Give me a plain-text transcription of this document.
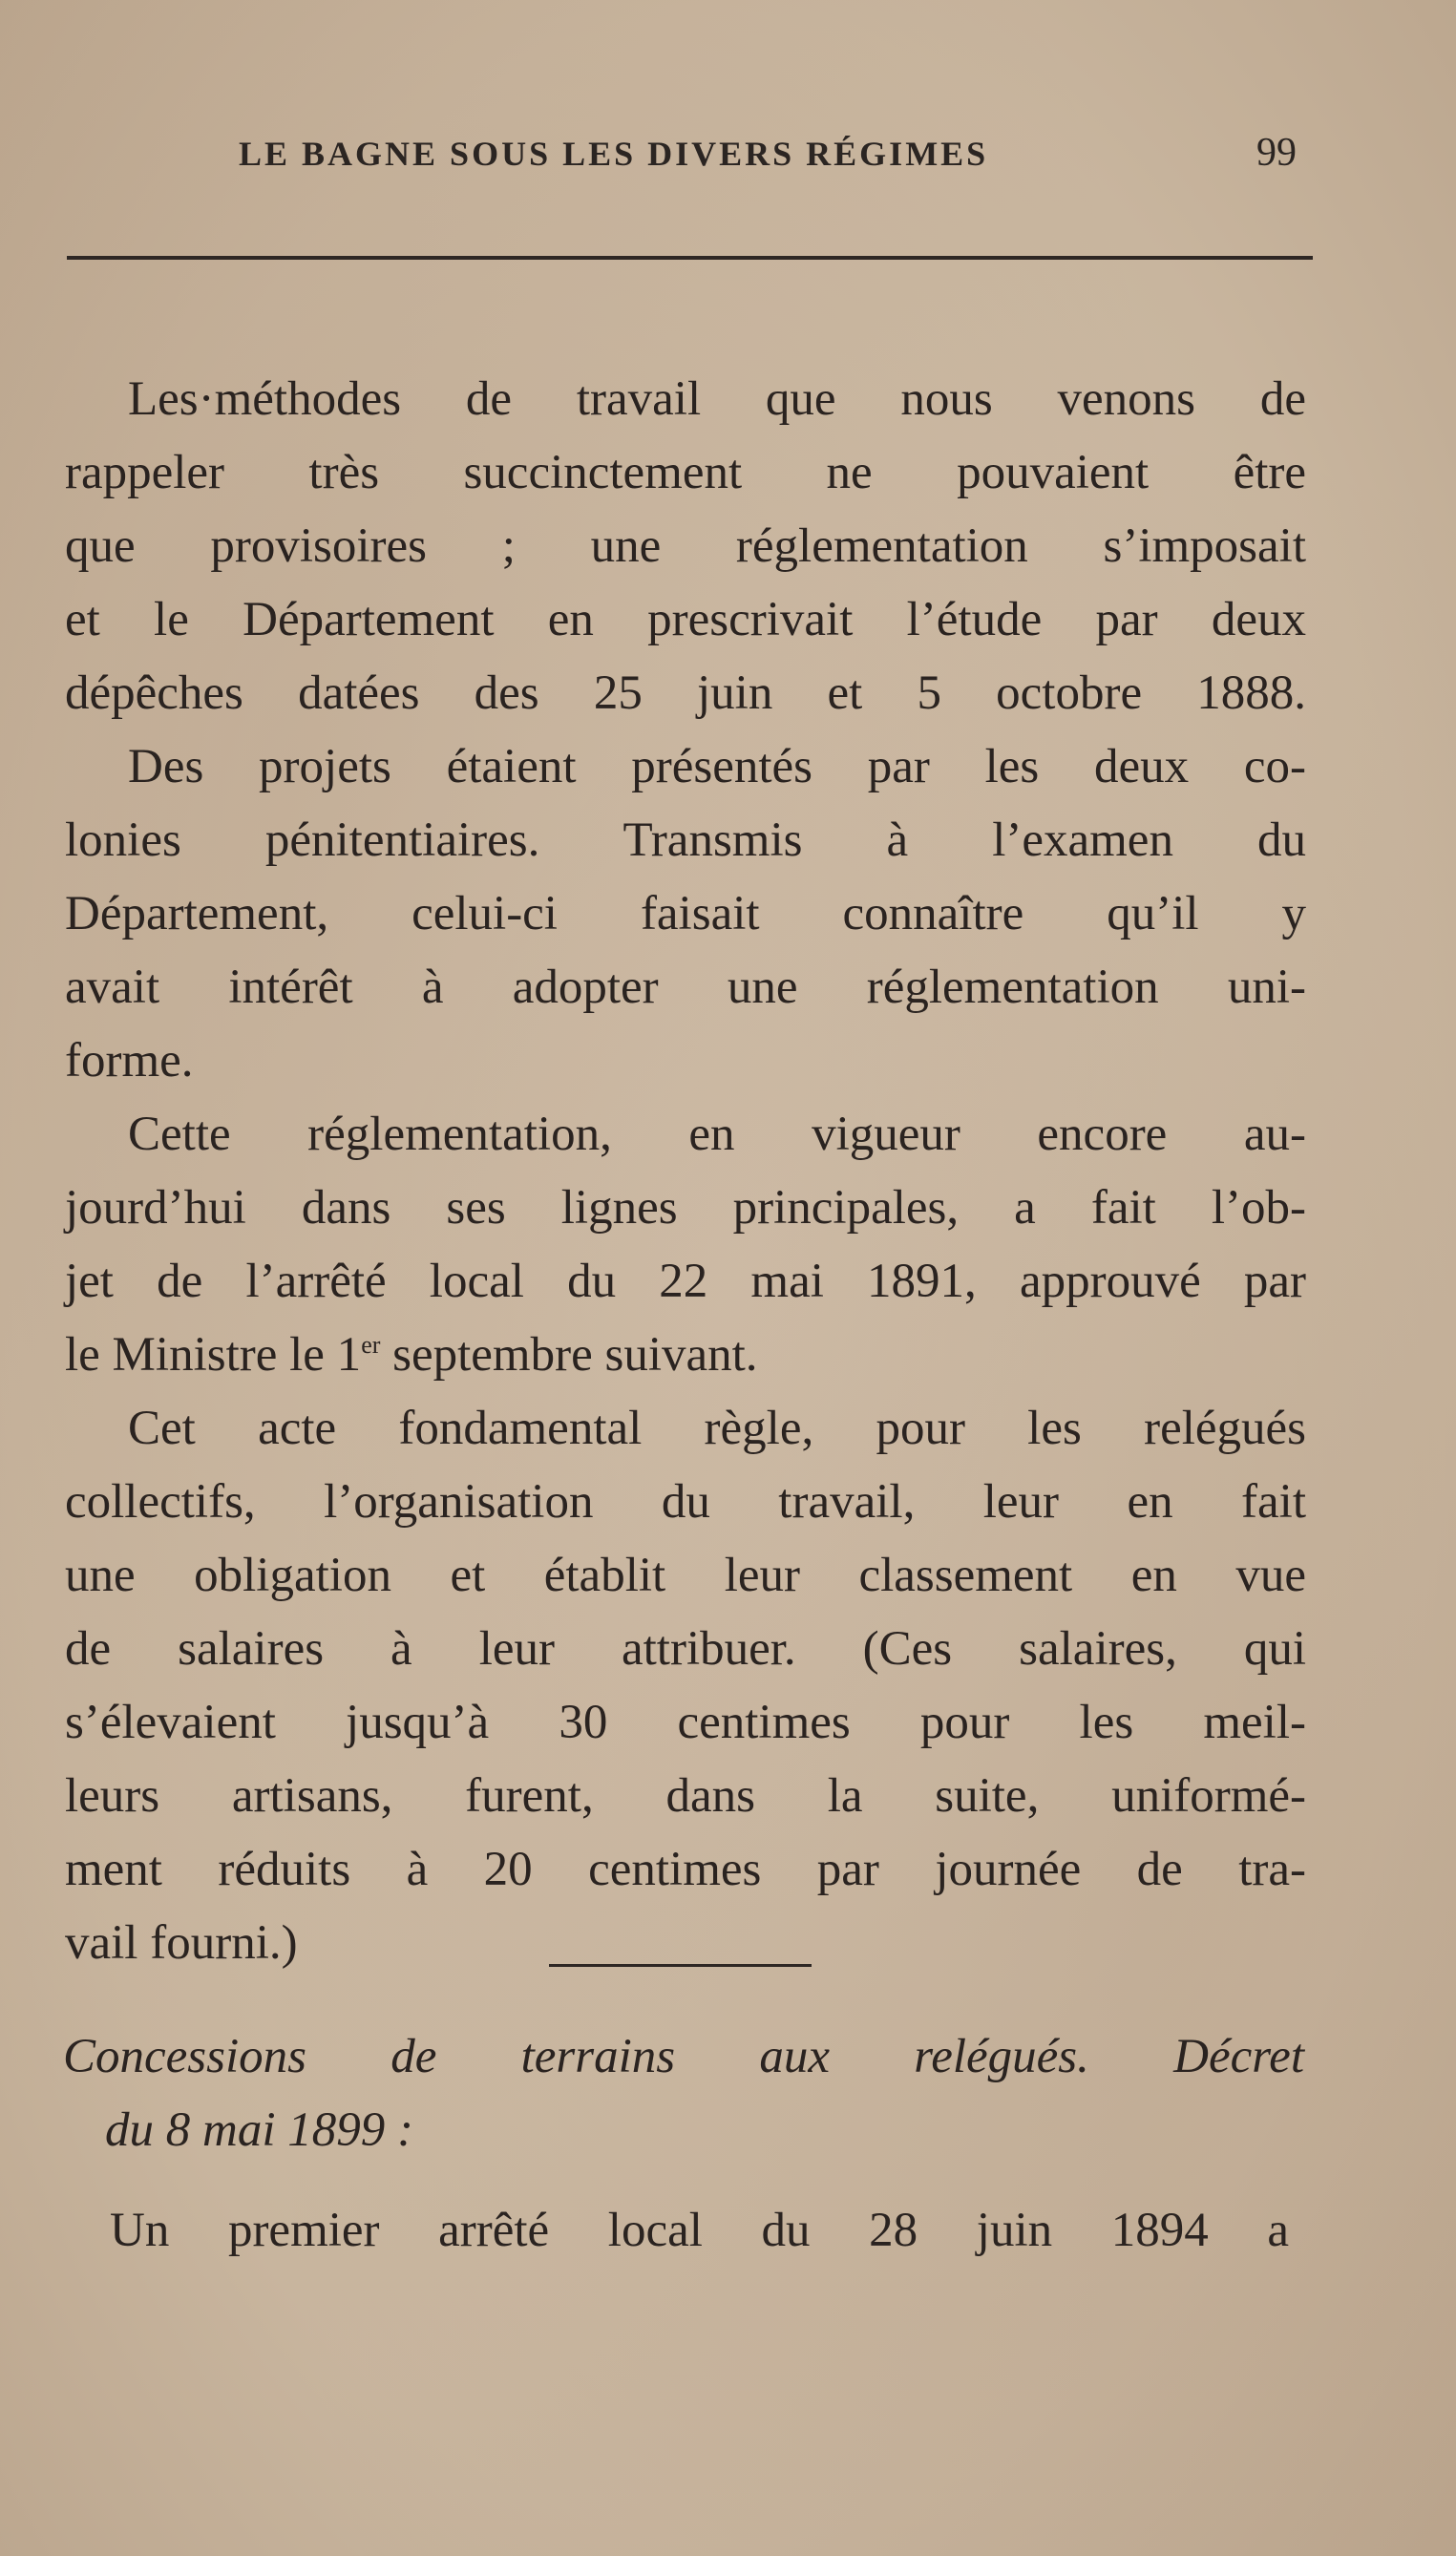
LE BAGNE SOUS LES DIVERS RÉGIMES	99
Les·méthodes de travail que nous venons de
rappeler très succinctement ne pouvaient être
que provisoires ; une réglementation s’imposait
et le Département en prescrivait l’étude par deux
dépêches datées des 25 juin et 5 octobre 1888.
Des projets étaient présentés par les deux co-
lonies pénitentiaires. Transmis à l’examen du
Département, celui-ci faisait connaître qu’il y
avait intérêt à adopter une réglementation uni-
forme.
Cette réglementation, en vigueur encore au-
jourd’hui dans ses lignes principales, a fait l’ob-
jet de l’arrêté local du 22 mai 1891, approuvé par
le Ministre le 1er septembre suivant.
Cet acte fondamental règle, pour les relégués
collectifs, l’organisation du travail, leur en fait
une obligation et établit leur classement en vue
de salaires à leur attribuer. (Ces salaires, qui
s’élevaient jusqu’à 30 centimes pour les meil-
leurs artisans, furent, dans la suite, uniformé-
ment réduits à 20 centimes par journée de tra-
vail fourni.)
Concessions de terrains aux relégués. Décret
du 8 mai 1899 :
Un premier arrêté local du 28 juin 1894 a
